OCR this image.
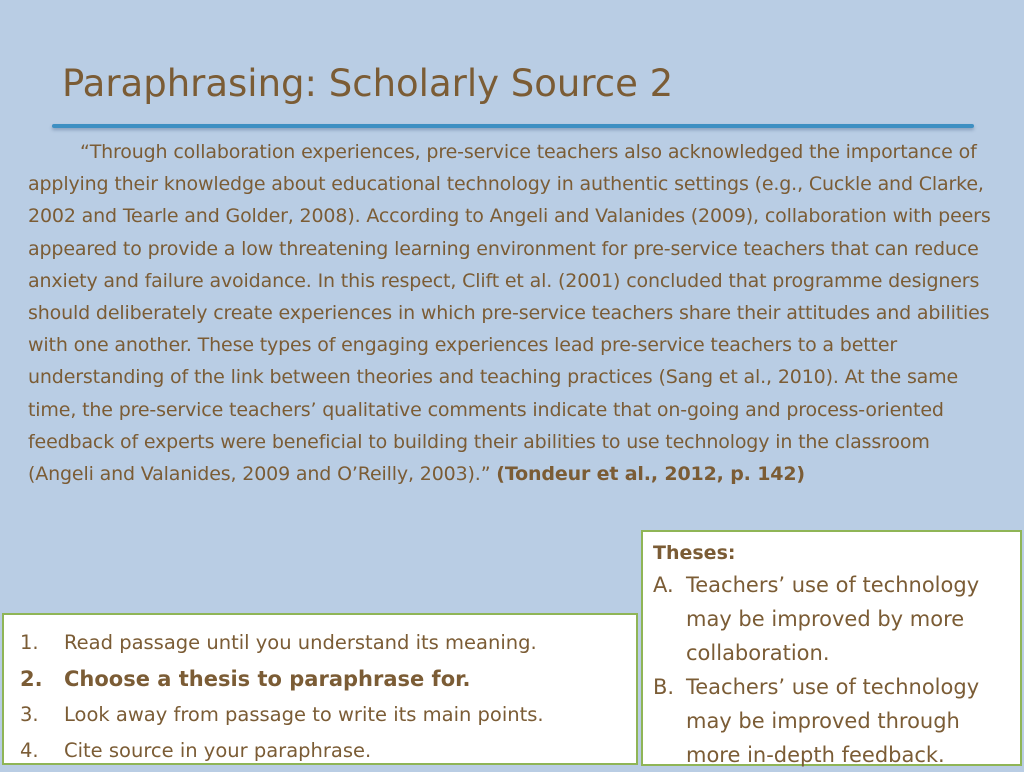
Paraphrasing: Scholarly Source 2

“Through collaboration experiences, pre-service teachers also acknowledged the importance of applying their knowledge about educational technology in authentic settings (e.g., Cuckle and Clarke, 2002 and Tearle and Golder, 2008). According to Angeli and Valanides (2009), collaboration with peers appeared to provide a low threatening learning environment for pre-service teachers that can reduce anxiety and failure avoidance. In this respect, Clift et al. (2001) concluded that programme designers should deliberately create experiences in which pre-service teachers share their attitudes and abilities with one another. These types of engaging experiences lead pre-service teachers to a better understanding of the link between theories and teaching practices (Sang et al., 2010). At the same time, the pre-service teachers’ qualitative comments indicate that on-going and process-oriented feedback of experts were beneficial to building their abilities to use technology in the classroom (Angeli and Valanides, 2009 and O’Reilly, 2003).” (Tondeur et al., 2012, p. 142)

1.	Read passage until you understand its meaning.
2.	Choose a thesis to paraphrase for.
3.	Look away from passage to write its main points.
4.	Cite source in your paraphrase.
Theses:
A. Teachers’ use of technology may be improved by more collaboration.
B. Teachers’ use of technology may be improved through more in-depth feedback.
